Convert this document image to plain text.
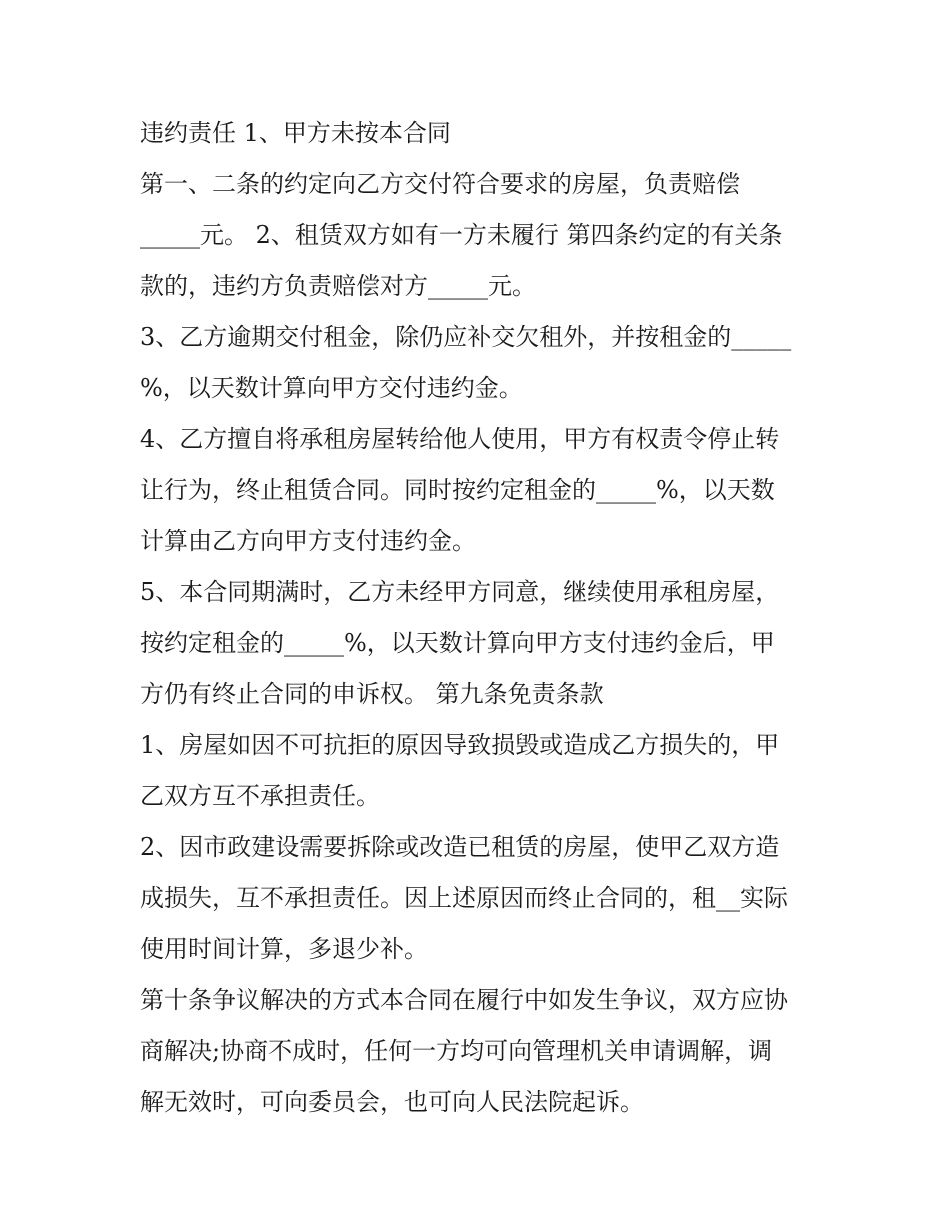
违约责任 1、甲方未按本合同
第一、二条的约定向乙方交付符合要求的房屋，负责赔偿
_____元。 2、租赁双方如有一方未履行 第四条约定的有关条
款的，违约方负责赔偿对方_____元。
3、乙方逾期交付租金，除仍应补交欠租外，并按租金的_____
%，以天数计算向甲方交付违约金。
4、乙方擅自将承租房屋转给他人使用，甲方有权责令停止转
让行为，终止租赁合同。同时按约定租金的_____%，以天数
计算由乙方向甲方支付违约金。
5、本合同期满时，乙方未经甲方同意，继续使用承租房屋，
按约定租金的_____%，以天数计算向甲方支付违约金后，甲
方仍有终止合同的申诉权。 第九条免责条款
1、房屋如因不可抗拒的原因导致损毁或造成乙方损失的，甲
乙双方互不承担责任。
2、因市政建设需要拆除或改造已租赁的房屋，使甲乙双方造
成损失，互不承担责任。因上述原因而终止合同的，租__实际
使用时间计算，多退少补。
第十条争议解决的方式本合同在履行中如发生争议，双方应协
商解决;协商不成时，任何一方均可向管理机关申请调解，调
解无效时，可向委员会，也可向人民法院起诉。
